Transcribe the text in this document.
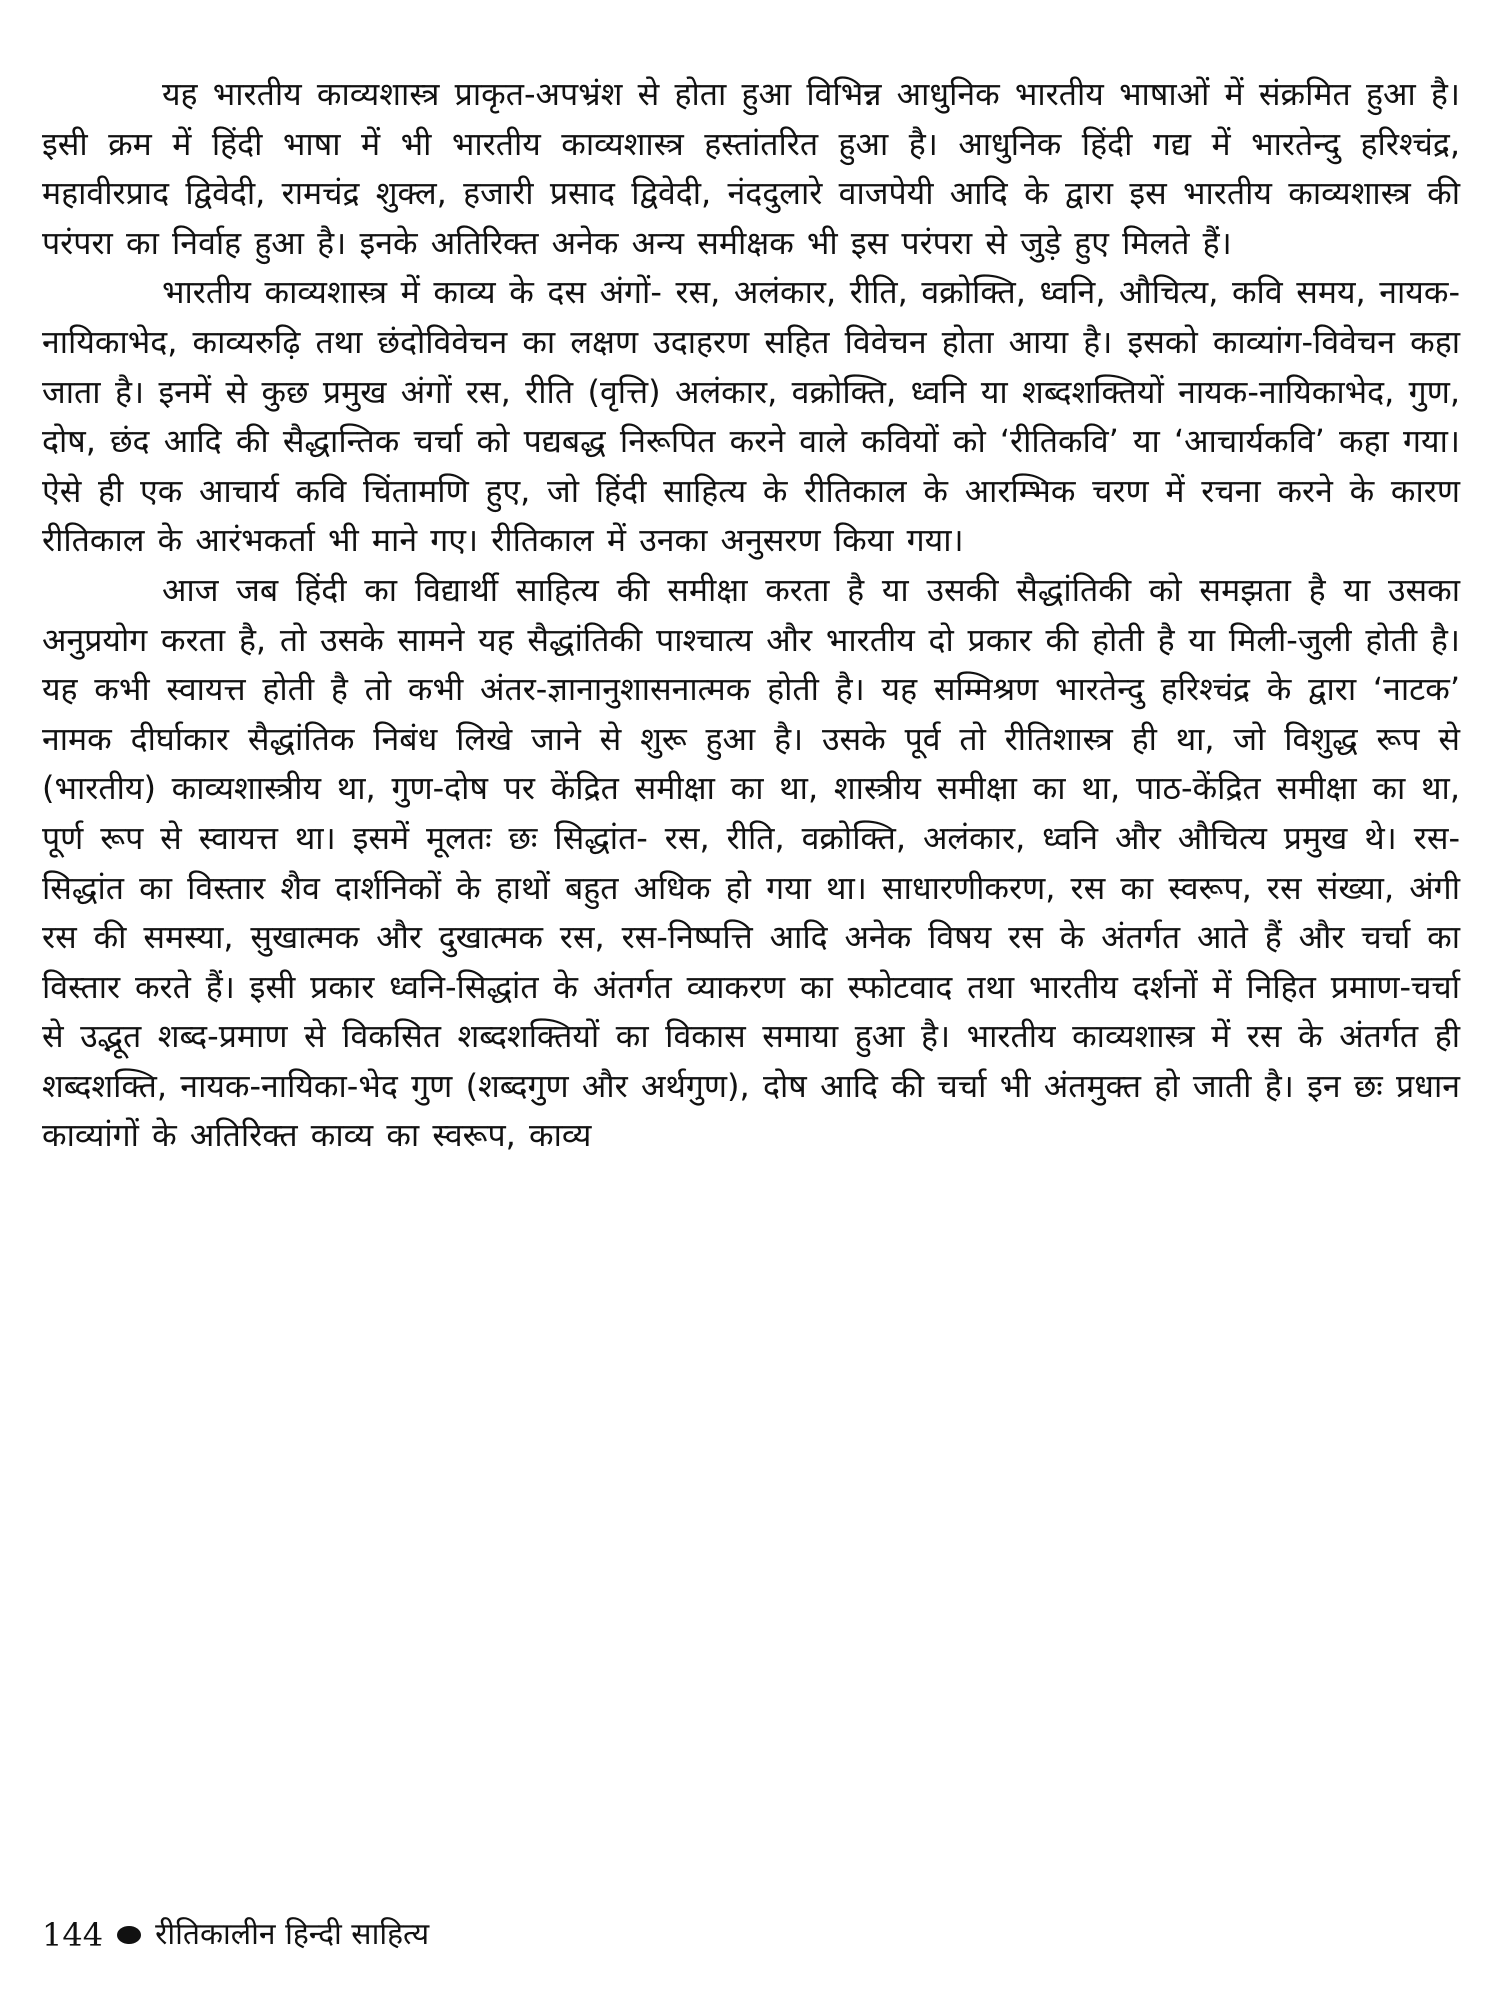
यह भारतीय काव्यशास्त्र प्राकृत-अपभ्रंश से होता हुआ विभिन्न आधुनिक भारतीय भाषाओं में संक्रमित हुआ है। इसी क्रम में हिंदी भाषा में भी भारतीय काव्यशास्त्र हस्तांतरित हुआ है। आधुनिक हिंदी गद्य में भारतेन्दु हरिश्चंद्र, महावीरप्राद द्विवेदी, रामचंद्र शुक्ल, हजारी प्रसाद द्विवेदी, नंददुलारे वाजपेयी आदि के द्वारा इस भारतीय काव्यशास्त्र की परंपरा का निर्वाह हुआ है। इनके अतिरिक्त अनेक अन्य समीक्षक भी इस परंपरा से जुड़े हुए मिलते हैं।

भारतीय काव्यशास्त्र में काव्य के दस अंगों- रस, अलंकार, रीति, वक्रोक्ति, ध्वनि, औचित्य, कवि समय, नायक-नायिकाभेद, काव्यरुढ़ि तथा छंदोविवेचन का लक्षण उदाहरण सहित विवेचन होता आया है। इसको काव्यांग-विवेचन कहा जाता है। इनमें से कुछ प्रमुख अंगों रस, रीति (वृत्ति) अलंकार, वक्रोक्ति, ध्वनि या शब्दशक्तियों नायक-नायिकाभेद, गुण, दोष, छंद आदि की सैद्धान्तिक चर्चा को पद्यबद्ध निरूपित करने वाले कवियों को ‘रीतिकवि’ या ‘आचार्यकवि’ कहा गया। ऐसे ही एक आचार्य कवि चिंतामणि हुए, जो हिंदी साहित्य के रीतिकाल के आरम्भिक चरण में रचना करने के कारण रीतिकाल के आरंभकर्ता भी माने गए। रीतिकाल में उनका अनुसरण किया गया।

आज जब हिंदी का विद्यार्थी साहित्य की समीक्षा करता है या उसकी सैद्धांतिकी को समझता है या उसका अनुप्रयोग करता है, तो उसके सामने यह सैद्धांतिकी पाश्चात्य और भारतीय दो प्रकार की होती है या मिली-जुली होती है। यह कभी स्वायत्त होती है तो कभी अंतर-ज्ञानानुशासनात्मक होती है। यह सम्मिश्रण भारतेन्दु हरिश्चंद्र के द्वारा ‘नाटक’ नामक दीर्घाकार सैद्धांतिक निबंध लिखे जाने से शुरू हुआ है। उसके पूर्व तो रीतिशास्त्र ही था, जो विशुद्ध रूप से (भारतीय) काव्यशास्त्रीय था, गुण-दोष पर केंद्रित समीक्षा का था, शास्त्रीय समीक्षा का था, पाठ-केंद्रित समीक्षा का था, पूर्ण रूप से स्वायत्त था। इसमें मूलतः छः सिद्धांत- रस, रीति, वक्रोक्ति, अलंकार, ध्वनि और औचित्य प्रमुख थे। रस-सिद्धांत का विस्तार शैव दार्शनिकों के हाथों बहुत अधिक हो गया था। साधारणीकरण, रस का स्वरूप, रस संख्या, अंगी रस की समस्या, सुखात्मक और दुखात्मक रस, रस-निष्पत्ति आदि अनेक विषय रस के अंतर्गत आते हैं और चर्चा का विस्तार करते हैं। इसी प्रकार ध्वनि-सिद्धांत के अंतर्गत व्याकरण का स्फोटवाद तथा भारतीय दर्शनों में निहित प्रमाण-चर्चा से उद्भूत शब्द-प्रमाण से विकसित शब्दशक्तियों का विकास समाया हुआ है। भारतीय काव्यशास्त्र में रस के अंतर्गत ही शब्दशक्ति, नायक-नायिका-भेद गुण (शब्दगुण और अर्थगुण), दोष आदि की चर्चा भी अंतमुक्त हो जाती है। इन छः प्रधान काव्यांगों के अतिरिक्त काव्य का स्वरूप, काव्य

144 रीतिकालीन हिन्दी साहित्य
